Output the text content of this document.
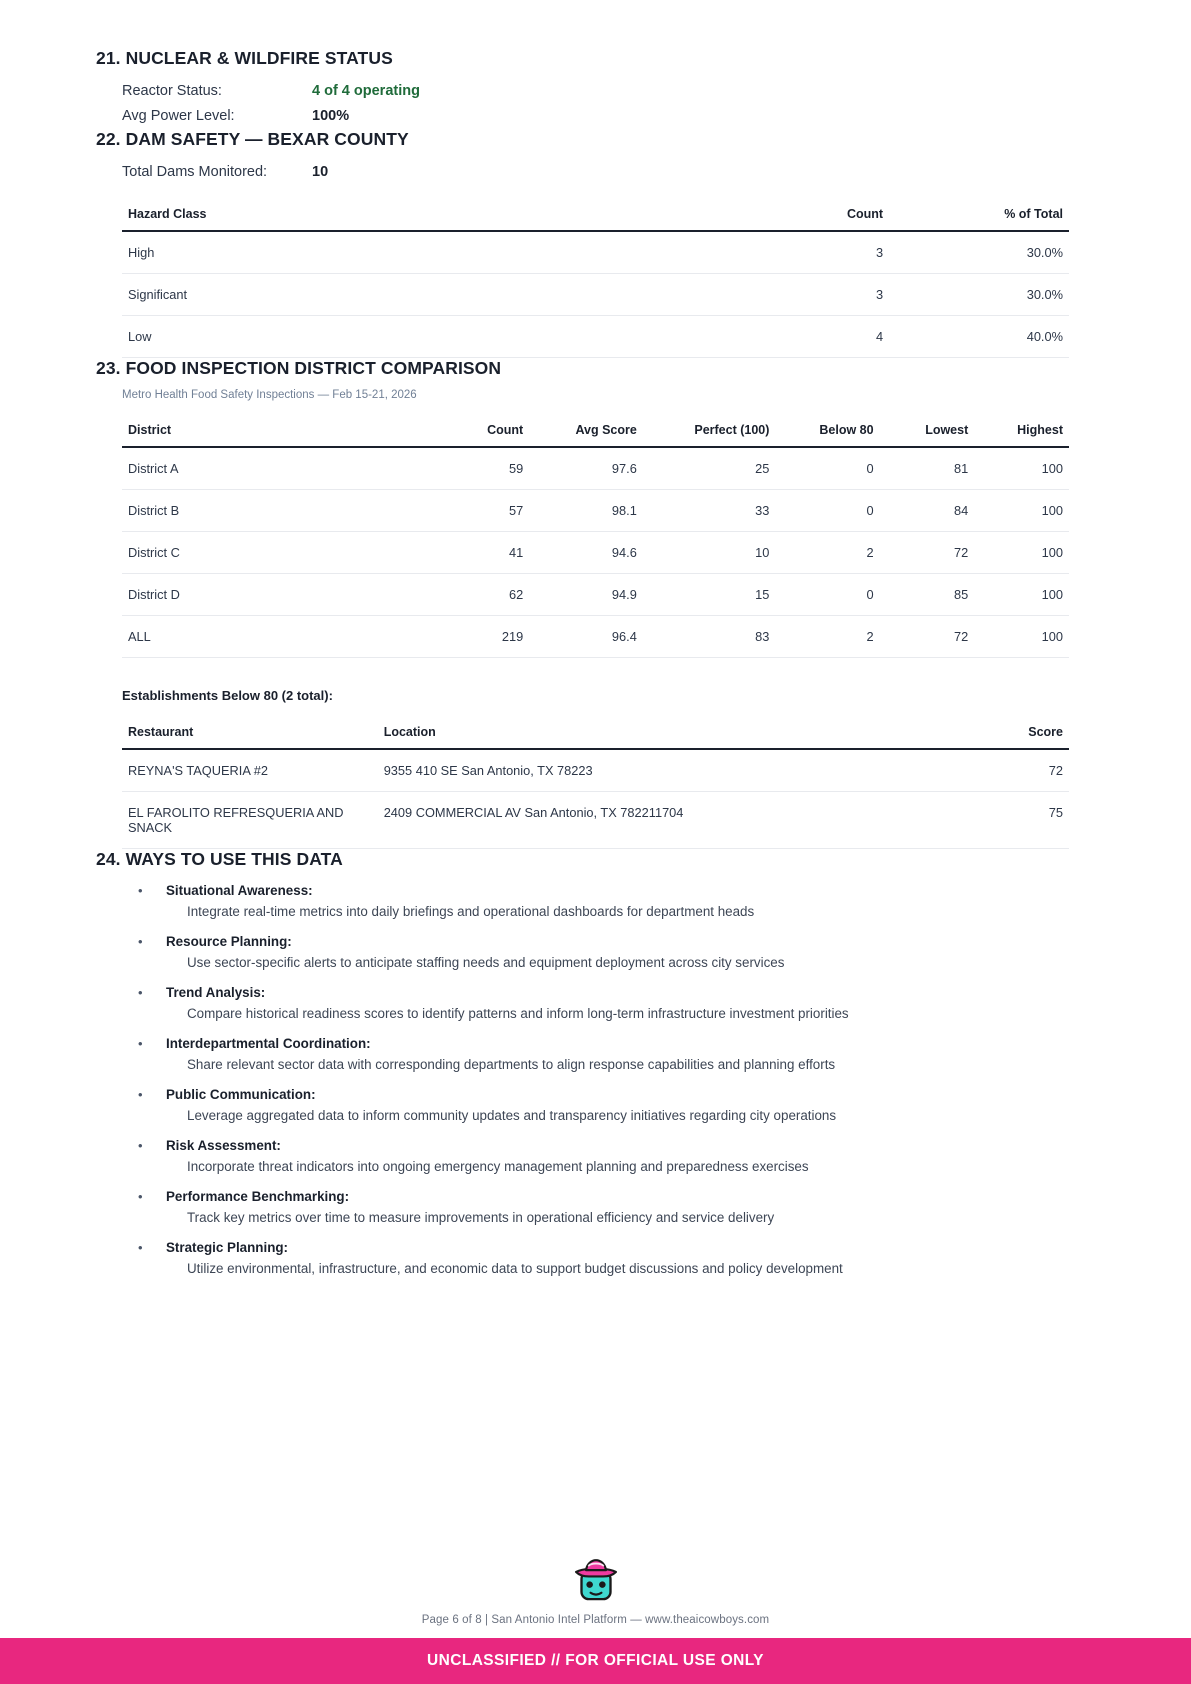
21. NUCLEAR & WILDFIRE STATUS
Reactor Status:	4 of 4 operating
Avg Power Level:	100%
22. DAM SAFETY — BEXAR COUNTY
Total Dams Monitored:	10
Hazard Class	Count	% of Total
High	3	30.0%
Significant	3	30.0%
Low	4	40.0%
23. FOOD INSPECTION DISTRICT COMPARISON
Metro Health Food Safety Inspections — Feb 15-21, 2026
District	Count	Avg Score	Perfect (100)	Below 80	Lowest	Highest
District A	59	97.6	25	0	81	100
District B	57	98.1	33	0	84	100
District C	41	94.6	10	2	72	100
District D	62	94.9	15	0	85	100
ALL	219	96.4	83	2	72	100
Establishments Below 80 (2 total):
Restaurant	Location	Score
REYNA'S TAQUERIA #2	9355 410 SE San Antonio, TX 78223	72
EL FAROLITO REFRESQUERIA AND SNACK	2409 COMMERCIAL AV San Antonio, TX 782211704	75
24. WAYS TO USE THIS DATA
• Situational Awareness:
Integrate real-time metrics into daily briefings and operational dashboards for department heads
• Resource Planning:
Use sector-specific alerts to anticipate staffing needs and equipment deployment across city services
• Trend Analysis:
Compare historical readiness scores to identify patterns and inform long-term infrastructure investment priorities
• Interdepartmental Coordination:
Share relevant sector data with corresponding departments to align response capabilities and planning efforts
• Public Communication:
Leverage aggregated data to inform community updates and transparency initiatives regarding city operations
• Risk Assessment:
Incorporate threat indicators into ongoing emergency management planning and preparedness exercises
• Performance Benchmarking:
Track key metrics over time to measure improvements in operational efficiency and service delivery
• Strategic Planning:
Utilize environmental, infrastructure, and economic data to support budget discussions and policy development
Page 6 of 8 | San Antonio Intel Platform — www.theaicowboys.com
UNCLASSIFIED // FOR OFFICIAL USE ONLY
